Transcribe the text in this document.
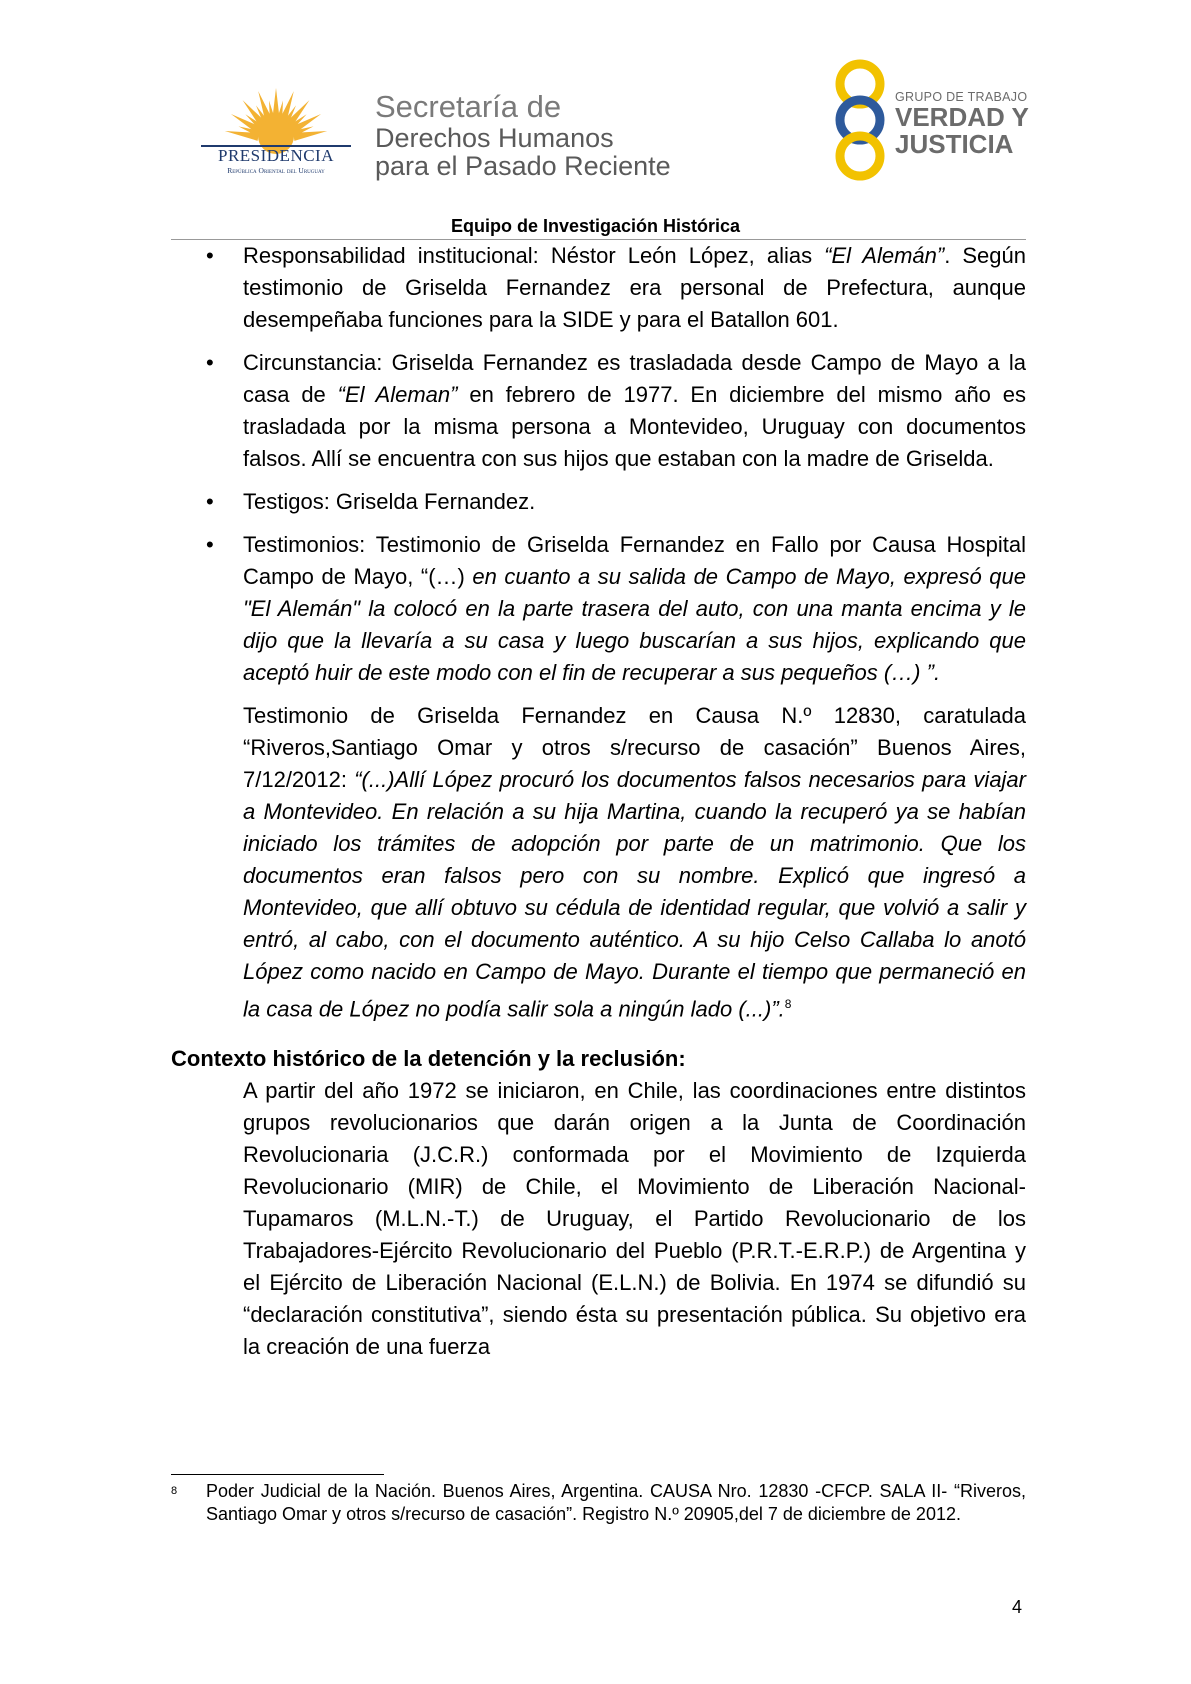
PRESIDENCIA
República Oriental del Uruguay
Secretaría de
Derechos Humanos
para el Pasado Reciente
GRUPO DE TRABAJO
VERDAD Y
JUSTICIA
Equipo de Investigación Histórica
• Responsabilidad institucional: Néstor León López, alias “El Alemán”. Según testimonio de Griselda Fernandez era personal de Prefectura, aunque desempeñaba funciones para la SIDE y para el Batallon 601.
• Circunstancia: Griselda Fernandez es trasladada desde Campo de Mayo a la casa de “El Aleman” en febrero de 1977. En diciembre del mismo año es trasladada por la misma persona a Montevideo, Uruguay con documentos falsos. Allí se encuentra con sus hijos que estaban con la madre de Griselda.
• Testigos: Griselda Fernandez.
• Testimonios: Testimonio de Griselda Fernandez en Fallo por Causa Hospital Campo de Mayo, “(…) en cuanto a su salida de Campo de Mayo, expresó que "El Alemán" la colocó en la parte trasera del auto, con una manta encima y le dijo que la llevaría a su casa y luego buscarían a sus hijos, explicando que aceptó huir de este modo con el fin de recuperar a sus pequeños (…) ”.
Testimonio de Griselda Fernandez en Causa N.º 12830, caratulada “Riveros,Santiago Omar y otros s/recurso de casación” Buenos Aires, 7/12/2012: “(...)Allí López procuró los documentos falsos necesarios para viajar a Montevideo. En relación a su hija Martina, cuando la recuperó ya se habían iniciado los trámites de adopción por parte de un matrimonio. Que los documentos eran falsos pero con su nombre. Explicó que ingresó a Montevideo, que allí obtuvo su cédula de identidad regular, que volvió a salir y entró, al cabo, con el documento auténtico. A su hijo Celso Callaba lo anotó López como nacido en Campo de Mayo. Durante el tiempo que permaneció en la casa de López no podía salir sola a ningún lado (...)”.$^8$
Contexto histórico de la detención y la reclusión:
A partir del año 1972 se iniciaron, en Chile, las coordinaciones entre distintos grupos revolucionarios que darán origen a la Junta de Coordinación Revolucionaria (J.C.R.) conformada por el Movimiento de Izquierda Revolucionario (MIR) de Chile, el Movimiento de Liberación Nacional-Tupamaros (M.L.N.-T.) de Uruguay, el Partido Revolucionario de los Trabajadores-Ejército Revolucionario del Pueblo (P.R.T.-E.R.P.) de Argentina y el Ejército de Liberación Nacional (E.L.N.) de Bolivia. En 1974 se difundió su “declaración constitutiva”, siendo ésta su presentación pública. Su objetivo era la creación de una fuerza
8	Poder Judicial de la Nación. Buenos Aires, Argentina. CAUSA Nro. 12830 -CFCP. SALA II- “Riveros, Santiago Omar y otros s/recurso de casación”. Registro N.º 20905,del 7 de diciembre de 2012.
4
